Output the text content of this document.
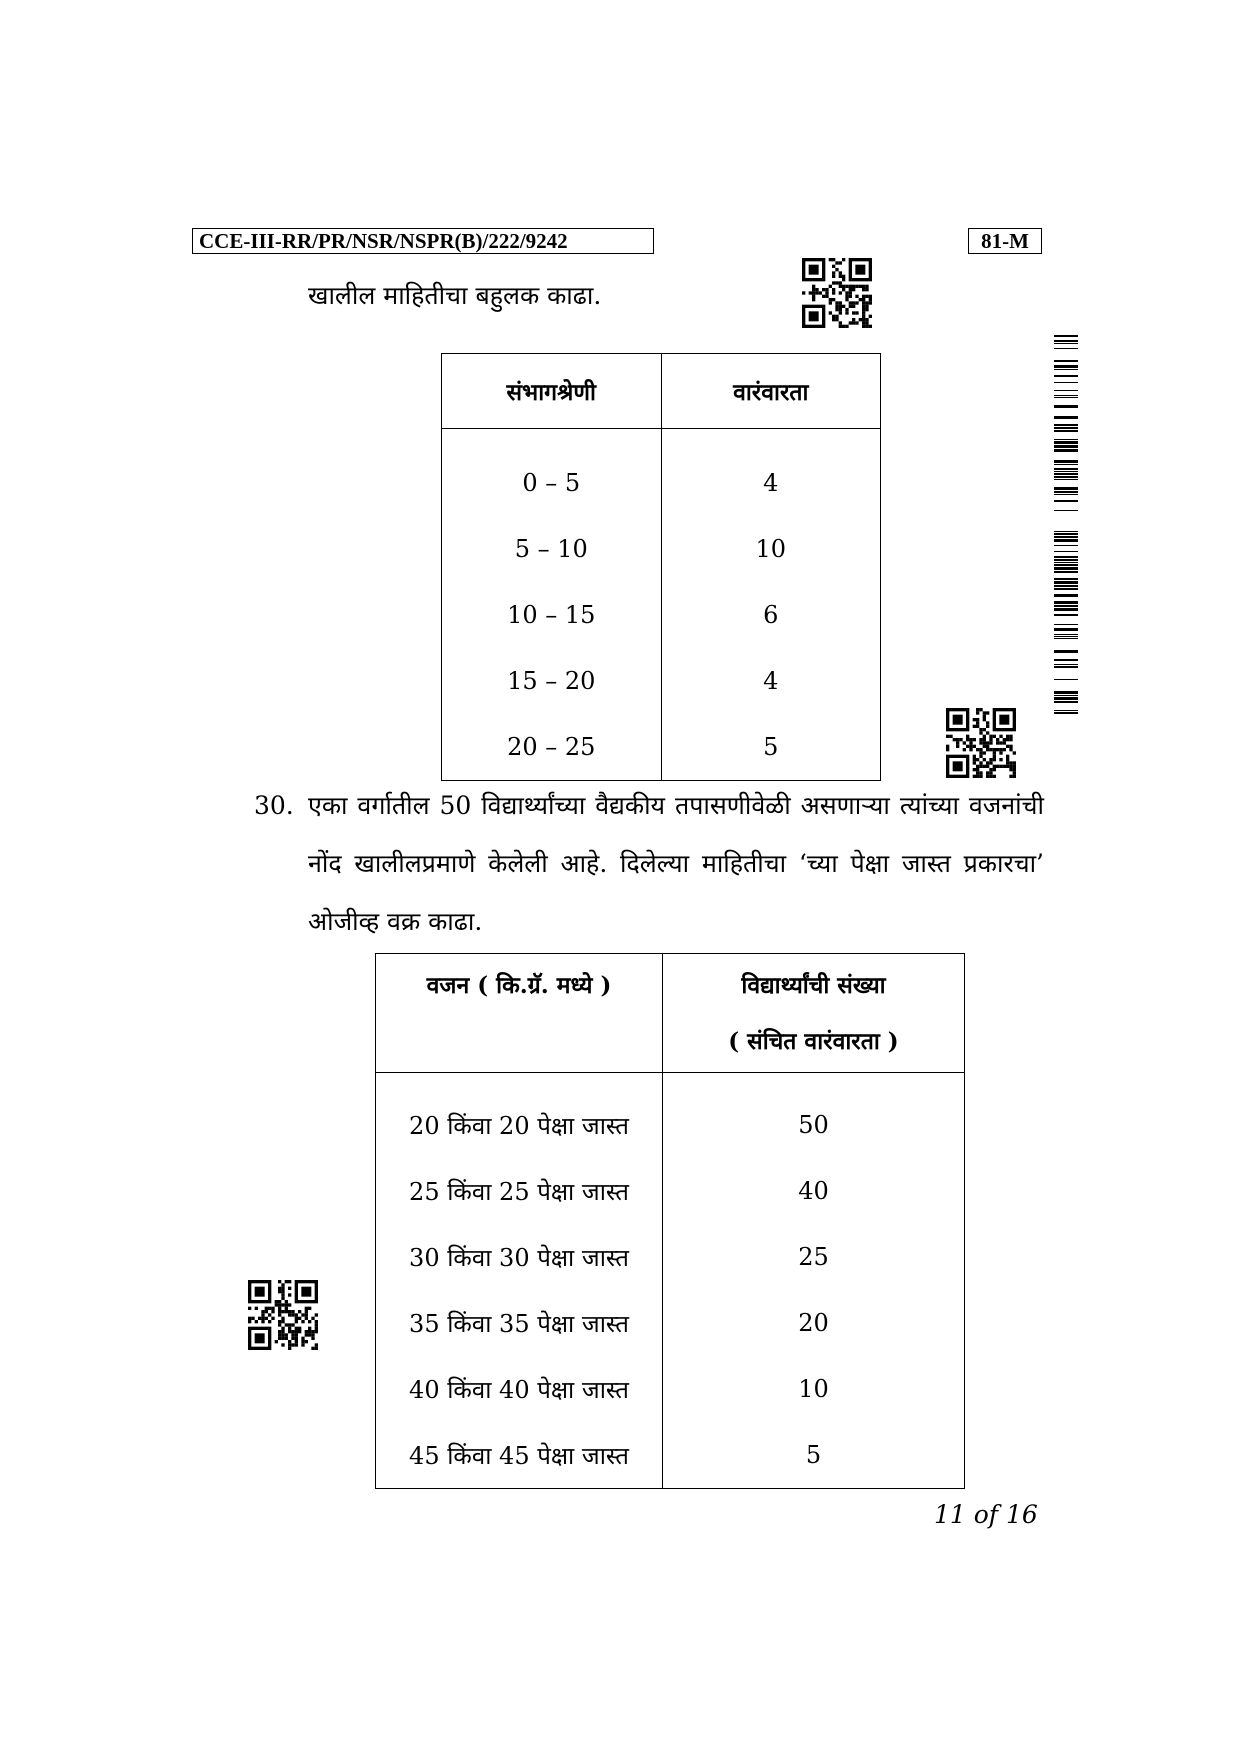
CCE-III-RR/PR/NSR/NSPR(B)/222/9242	81-M
खालील माहितीचा बहुलक काढा.
संभागश्रेणी	वारंवारता
0 – 5	4
5 – 10	10
10 – 15	6
15 – 20	4
20 – 25	5
30. एका वर्गातील 50 विद्यार्थ्यांच्या वैद्यकीय तपासणीवेळी असणाऱ्या त्यांच्या वजनांची नोंद खालीलप्रमाणे केलेली आहे. दिलेल्या माहितीचा ‘च्या पेक्षा जास्त प्रकारचा’ ओजीव्ह वक्र काढा.
वजन ( कि.ग्रॅ. मध्ये )	विद्यार्थ्यांची संख्या
( संचित वारंवारता )

20 किंवा 20 पेक्षा जास्त	50
25 किंवा 25 पेक्षा जास्त	40
30 किंवा 30 पेक्षा जास्त	25
35 किंवा 35 पेक्षा जास्त	20
40 किंवा 40 पेक्षा जास्त	10
45 किंवा 45 पेक्षा जास्त	5
11 of 16
